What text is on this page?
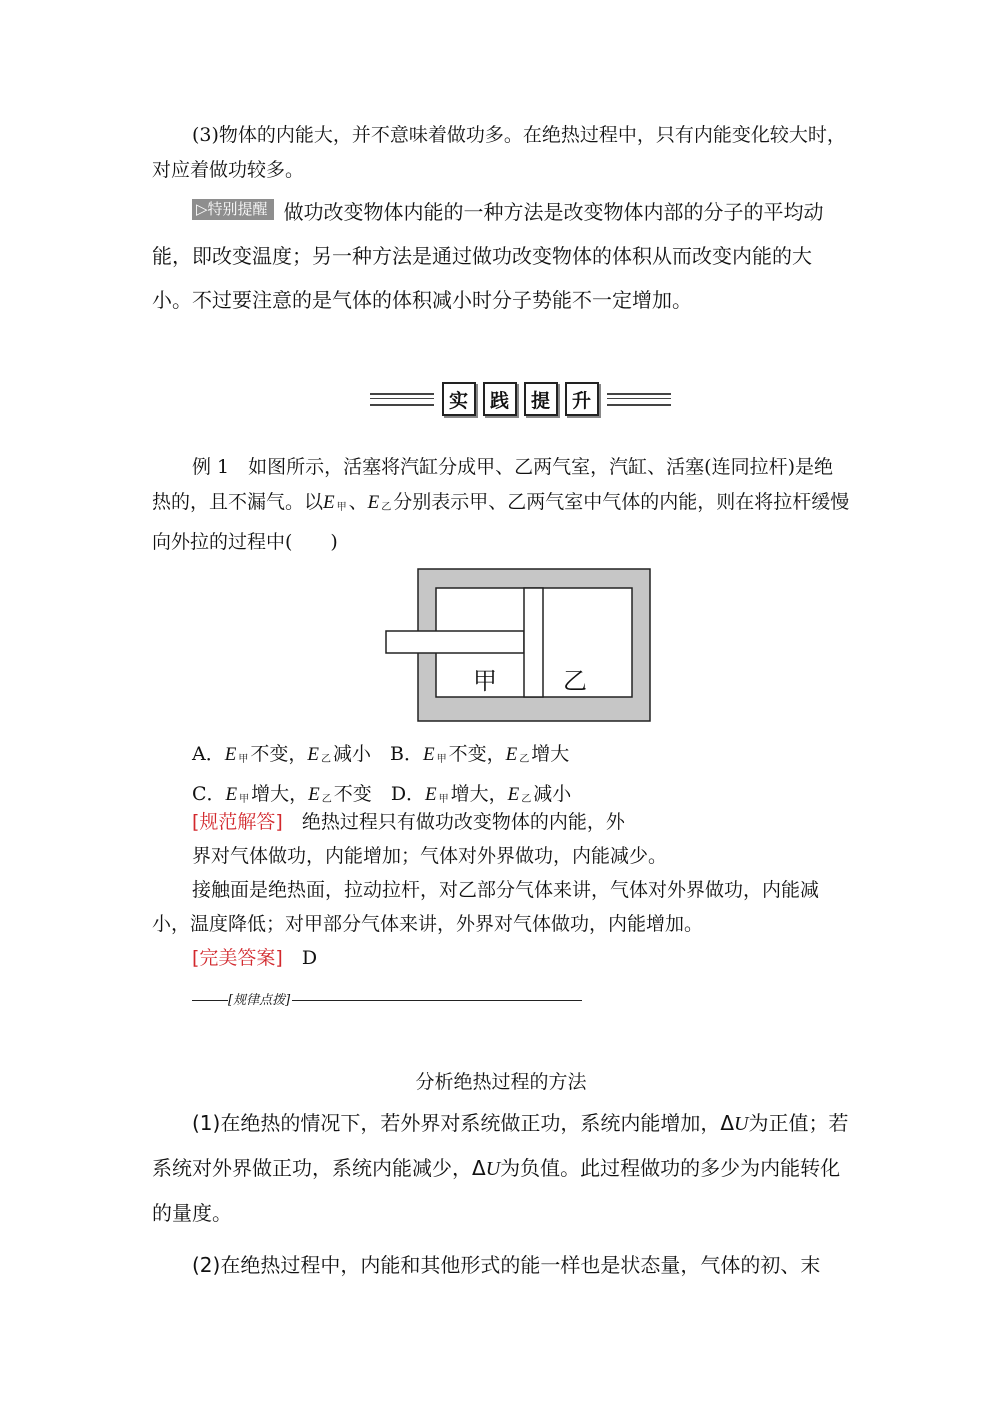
(3)物体的内能大，并不意味着做功多。在绝热过程中，只有内能变化较大时，对应着做功较多。
▷特别提醒 做功改变物体内能的一种方法是改变物体内部的分子的平均动能，即改变温度；另一种方法是通过做功改变物体的体积从而改变内能的大小。不过要注意的是气体的体积减小时分子势能不一定增加。
实	践	提	升
例 1　 如图所示，活塞将汽缸分成甲、乙两气室，汽缸、活塞(连同拉杆)是绝热的，且不漏气。以E $_甲$ 、E $_乙$ 分别表示甲、乙两气室中气体的内能，则在将拉杆缓慢向外拉的过程中(　　)
甲	乙
A．E $_甲$ 不变，E $_乙$ 减小　 B．E $_甲$ 不变，E $_乙$ 增大
C．E $_甲$ 增大，E $_乙$ 不变　 D．E $_甲$ 增大，E $_乙$ 减小
[规范解答]　 绝热过程只有做功改变物体的内能，外
界对气体做功，内能增加；气体对外界做功，内能减少。
接触面是绝热面，拉动拉杆，对乙部分气体来讲，气体对外界做功，内能减小，温度降低；对甲部分气体来讲，外界对气体做功，内能增加。
[完美答案]　 D
[规律点拨]
分析绝热过程的方法
(1)在绝热的情况下，若外界对系统做正功，系统内能增加，ΔU为正值；若系统对外界做正功，系统内能减少，ΔU为负值。此过程做功的多少为内能转化的量度。
(2)在绝热过程中，内能和其他形式的能一样也是状态量，气体的初、末
